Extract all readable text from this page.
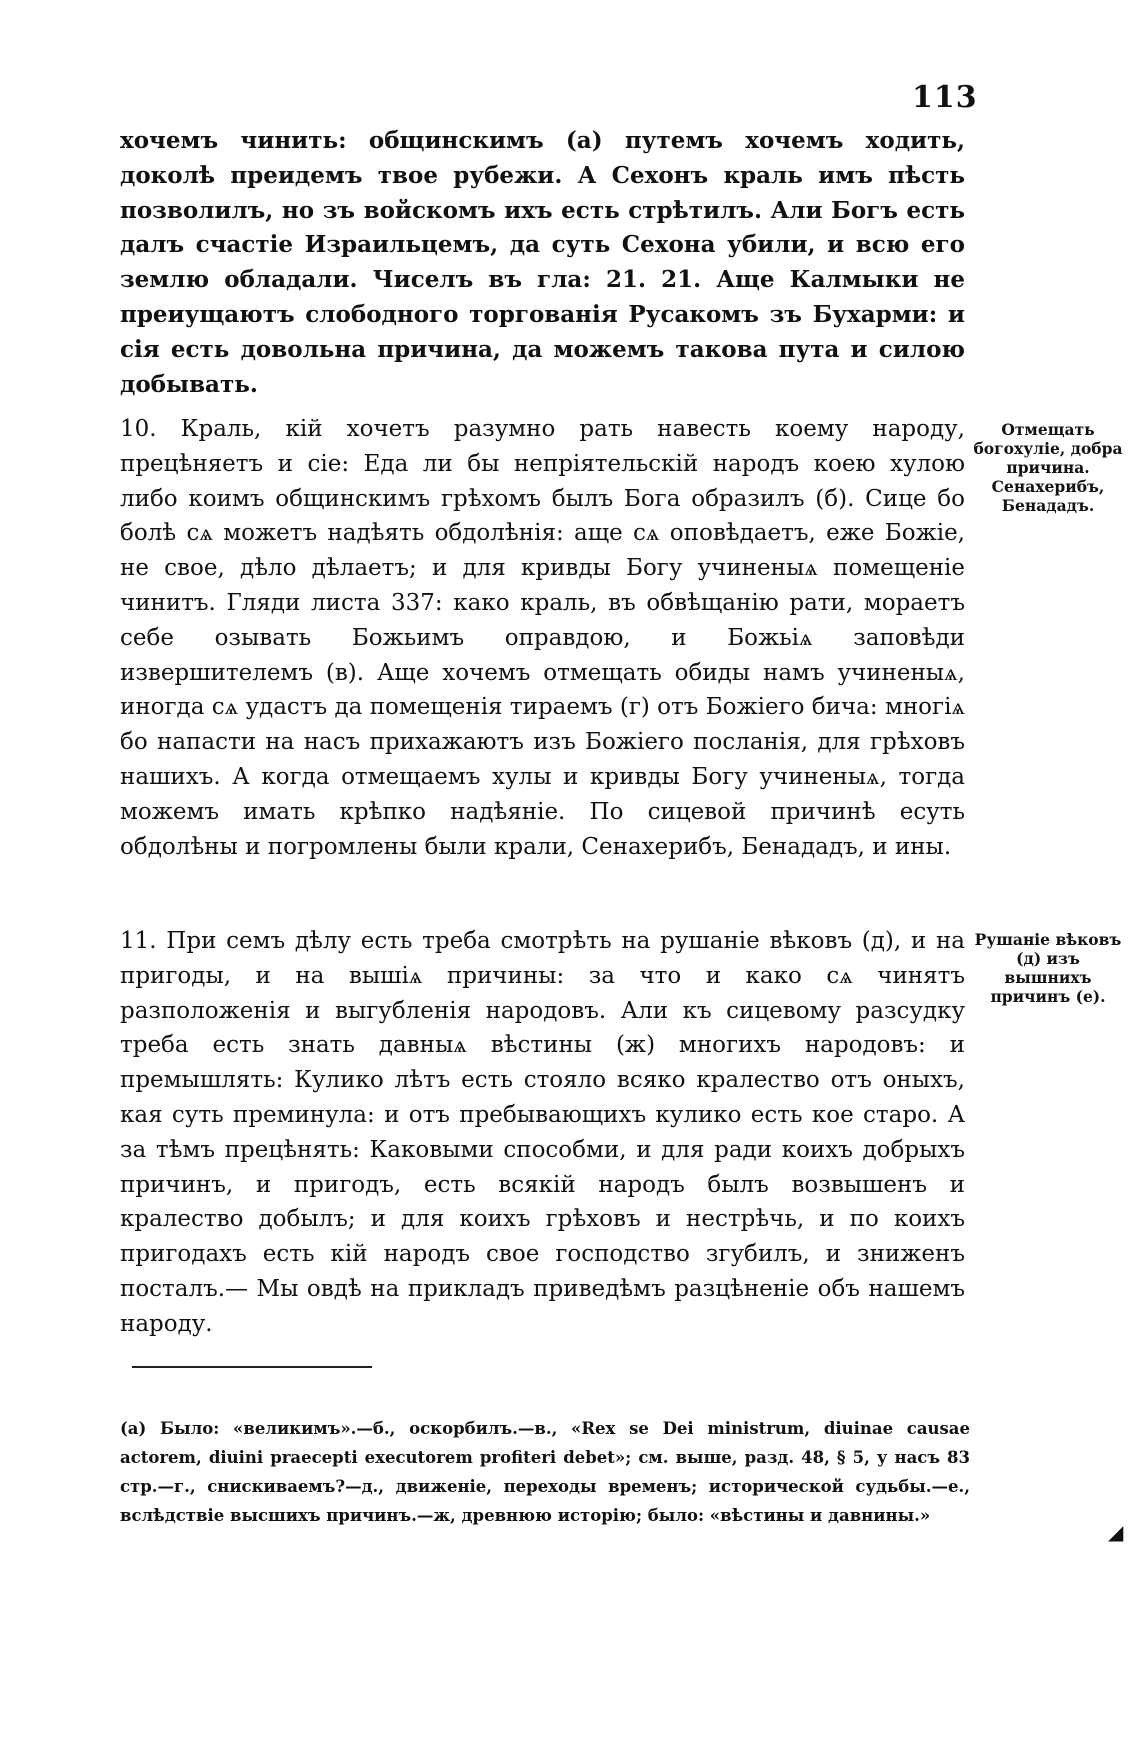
113
хочемъ чинить: общинскимъ (а) путемъ хочемъ ходить, доколѣ преидемъ твое рубежи. А Сехонъ краль имъ пѣсть позволилъ, но зъ войскомъ ихъ есть стрѣтилъ. Али Богъ есть далъ счастіе Израильцемъ, да суть Сехона убили, и всю его землю обладали. Чиселъ въ гла: 21. 21. Аще Калмыки не преиущаютъ слободного торгованія Русакомъ зъ Бухарми: и сія есть довольна причина, да можемъ такова пута и силою добывать.
10. Краль, кій хочетъ разумно рать навесть коему народу, прецѣняетъ и сіе: Еда ли бы непріятельскій народъ коею хулою либо коимъ общинскимъ грѣхомъ былъ Бога образилъ (б). Сице бо болѣ сѧ можетъ надѣять обдолѣнія: аще сѧ оповѣдаетъ, еже Божіе, не свое, дѣло дѣлаетъ; и для кривды Богу учиненыѧ помещеніе чинитъ. Гляди листа 337: како краль, въ обвѣщанію рати, мораетъ себе озывать Божьимъ оправдою, и Божьіѧ заповѣди извершителемъ (в). Аще хочемъ отмещать обиды намъ учиненыѧ, иногда сѧ удастъ да помещенія тираемъ (г) отъ Божіего бича: многіѧ бо напасти на насъ прихажаютъ изъ Божіего посланія, для грѣховъ нашихъ. А когда отмещаемъ хулы и кривды Богу учиненыѧ, тогда можемъ имать крѣпко надѣяніе. По сицевой причинѣ есуть обдолѣны и погромлены были крали, Сенахерибъ, Бенададъ, и ины.
Отмещать богохуліе, добра причина. Сенахерибъ, Бенададъ.
11. При семъ дѣлу есть треба смотрѣть на рушаніе вѣковъ (д), и на пригоды, и на вышіѧ причины: за что и како сѧ чинятъ разположенія и выгубленія народовъ. Али къ сицевому разсудку треба есть знать давныѧ вѣстины (ж) многихъ народовъ: и премышлять: Кулико лѣтъ есть стояло всяко кралество отъ оныхъ, кая суть преминула: и отъ пребывающихъ кулико есть кое старо. А за тѣмъ прецѣнять: Каковыми способми, и для ради коихъ добрыхъ причинъ, и пригодъ, есть всякій народъ былъ возвышенъ и кралество добылъ; и для коихъ грѣховъ и нестрѣчь, и по коихъ пригодахъ есть кій народъ свое господство згубилъ, и зниженъ посталъ.— Мы овдѣ на прикладъ приведѣмъ разцѣненіе объ нашемъ народу.
Рушаніе вѣковъ (д) изъ вышнихъ причинъ (е).
(а) Было: «великимъ».—б., оскорбилъ.—в., «Rex se Dei ministrum, diuinae causae actorem, diuini praecepti executorem profiteri debet»; см. выше, разд. 48, § 5, у насъ 83 стр.—г., снискиваемъ?—д., движеніе, переходы временъ; исторической судьбы.—е., вслѣдствіе высшихъ причинъ.—ж, древнюю исторію; было: «вѣстины и давнины.»
◢
